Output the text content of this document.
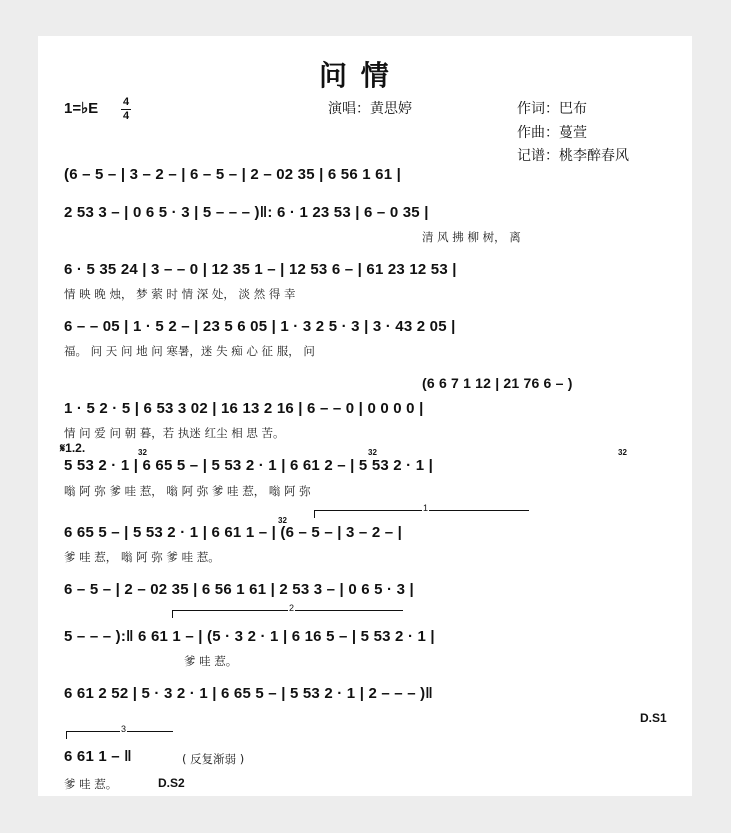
问 情
1=♭E 4
4	演唱：黄思婷	作词：巴布
作曲：蔓萱
记谱：桃李醉春风
(6 – 5 – | 3 – 2 – | 6 – 5 – | 2 – 02 35 | 6 56 1 61 |
2 53 3 – | 0 6 5 · 3 | 5 – – – )‖: 6 · 1 23 53 | 6 – 0 35 |
清 风 拂 柳 树， 离
6 · 5 35 24 | 3 – – 0 | 12 35 1 – | 12 53 6 – | 61 23 12 53 |
情 映 晚 烛， 梦 萦 时 情 深 处， 淡 然 得 幸
6 – – 05 | 1 · 5 2 – | 23 5 6 05 | 1 · 3 2 5 · 3 | 3 · 43 2 05 |
福。 问 天 问 地 问 寒暑，迷 失 痴 心 征 服， 问
(6 6 7 1 12 | 21 76 6 – )
1 · 5 2 · 5 | 6 53 3 02 | 16 13 2 16 | 6 – – 0 | 0 0 0 0 |
情 问 爱 问 朝 暮，若 执迷 红尘 相 思 苦。
𝄋1.2.
5 53 2 · 1 | 6 65 5 – | 5 53 2 · 1 | 6 61 2 – | 5 53 2 · 1 |
嗡 阿 弥 爹 哇 惹， 嗡 阿 弥 爹 哇 惹， 嗡 阿 弥
32	32	32
1
6 65 5 – | 5 53 2 · 1 | 6 61 1 – | (6 – 5 – | 3 – 2 – |
爹 哇 惹， 嗡 阿 弥 爹 哇 惹。
32
6 – 5 – | 2 – 02 35 | 6 56 1 61 | 2 53 3 – | 0 6 5 · 3 |
2
5 – – – ):‖ 6 61 1 – | (5 · 3 2 · 1 | 6 16 5 – | 5 53 2 · 1 |
爹 哇 惹。
6 61 2 52 | 5 · 3 2 · 1 | 6 65 5 – | 5 53 2 · 1 | 2 – – – )‖
D.S1
3
6 61 1 – ‖	( 反复渐弱 )
爹 哇 惹。	D.S2
